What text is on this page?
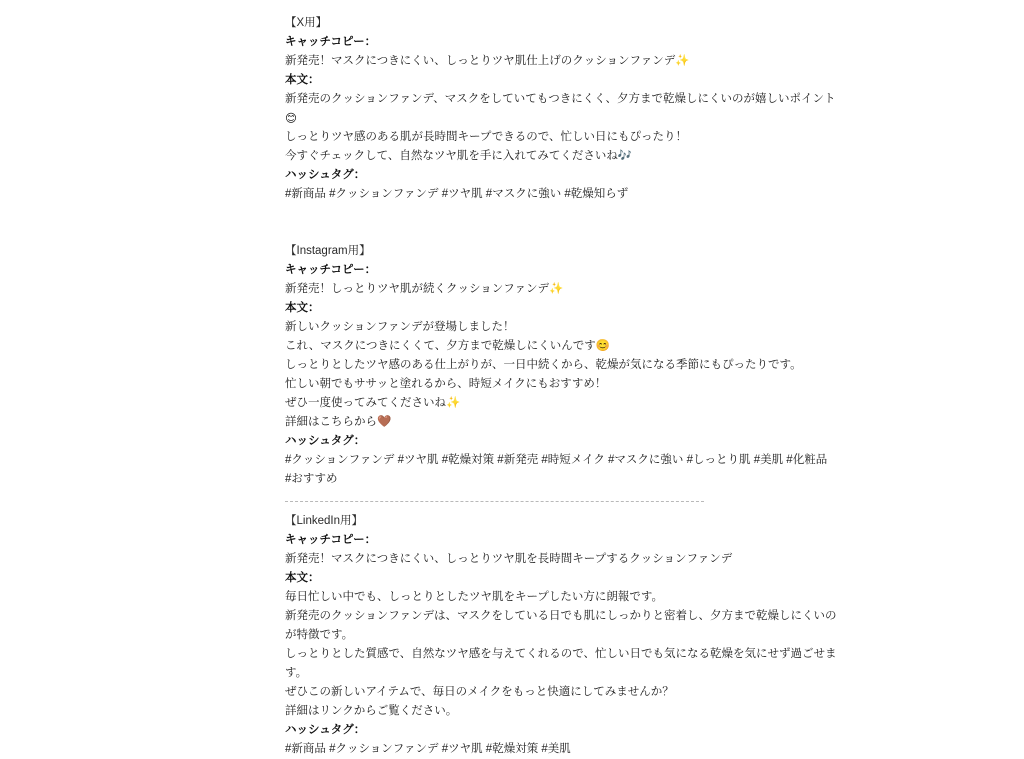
【X用】
キャッチコピー：
新発売！マスクにつきにくい、しっとりツヤ肌仕上げのクッションファンデ✨
本文：
新発売のクッションファンデ、マスクをしていてもつきにくく、夕方まで乾燥しにくいのが嬉しいポイント
😊
しっとりツヤ感のある肌が長時間キープできるので、忙しい日にもぴったり！
今すぐチェックして、自然なツヤ肌を手に入れてみてくださいね🎶
ハッシュタグ：
#新商品 #クッションファンデ #ツヤ肌 #マスクに強い #乾燥知らず
【Instagram用】
キャッチコピー：
新発売！しっとりツヤ肌が続くクッションファンデ✨
本文：
新しいクッションファンデが登場しました！
これ、マスクにつきにくくて、夕方まで乾燥しにくいんです😊
しっとりとしたツヤ感のある仕上がりが、一日中続くから、乾燥が気になる季節にもぴったりです。
忙しい朝でもササッと塗れるから、時短メイクにもおすすめ！
ぜひ一度使ってみてくださいね✨
詳細はこちらから🤎
ハッシュタグ：
#クッションファンデ #ツヤ肌 #乾燥対策 #新発売 #時短メイク #マスクに強い #しっとり肌 #美肌 #化粧品
#おすすめ
【LinkedIn用】
キャッチコピー：
新発売！マスクにつきにくい、しっとりツヤ肌を長時間キープするクッションファンデ
本文：
毎日忙しい中でも、しっとりとしたツヤ肌をキープしたい方に朗報です。
新発売のクッションファンデは、マスクをしている日でも肌にしっかりと密着し、夕方まで乾燥しにくいの
が特徴です。
しっとりとした質感で、自然なツヤ感を与えてくれるので、忙しい日でも気になる乾燥を気にせず過ごせま
す。
ぜひこの新しいアイテムで、毎日のメイクをもっと快適にしてみませんか？
詳細はリンクからご覧ください。
ハッシュタグ：
#新商品 #クッションファンデ #ツヤ肌 #乾燥対策 #美肌
